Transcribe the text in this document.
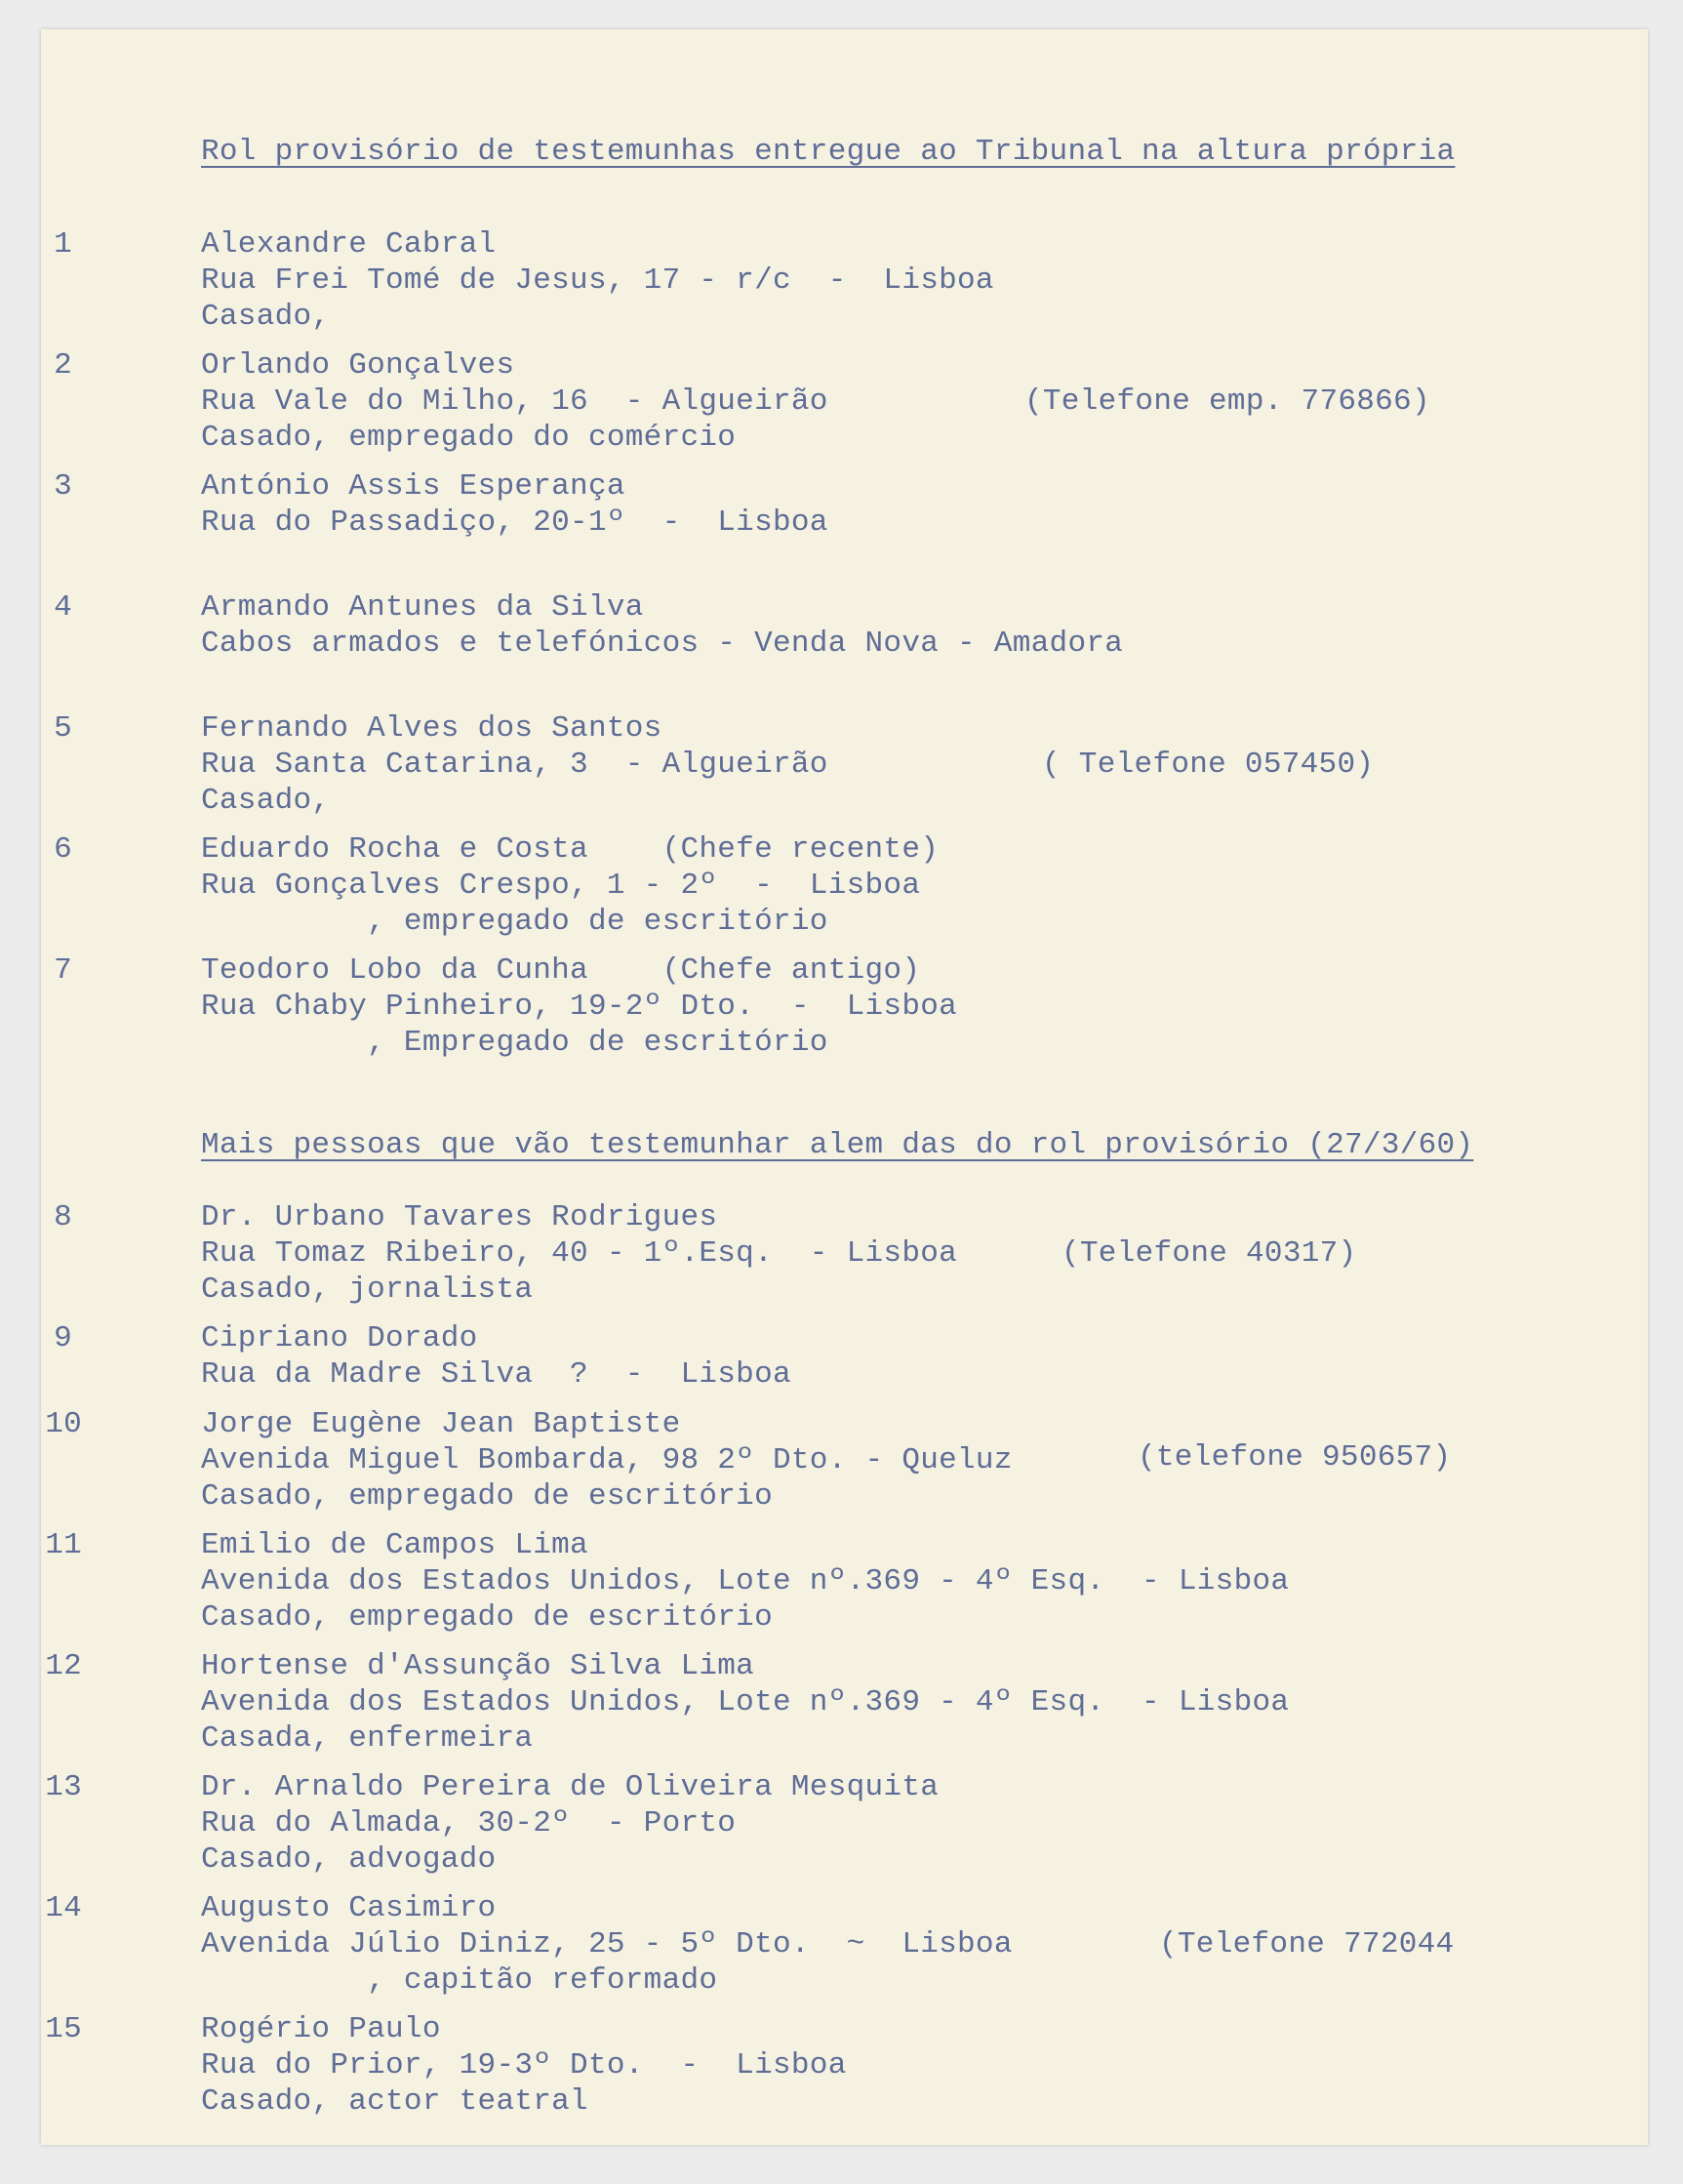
Rol provisório de testemunhas entregue ao Tribunal na altura própria
Mais pessoas que vão testemunhar alem das do rol provisório (27/3/60)
1	Alexandre Cabral
Rua Frei Tomé de Jesus, 17 - r/c  -  Lisboa
Casado,
2	Orlando Gonçalves
Rua Vale do Milho, 16  - Algueirão	(Telefone emp. 776866)
Casado, empregado do comércio
3	António Assis Esperança
Rua do Passadiço, 20-1º  -  Lisboa
4	Armando Antunes da Silva
Cabos armados e telefónicos - Venda Nova - Amadora
5	Fernando Alves dos Santos
Rua Santa Catarina, 3  - Algueirão	( Telefone 057450)
Casado,
6	Eduardo Rocha e Costa    (Chefe recente)
Rua Gonçalves Crespo, 1 - 2º  -  Lisboa
, empregado de escritório
7	Teodoro Lobo da Cunha    (Chefe antigo)
Rua Chaby Pinheiro, 19-2º Dto.  -  Lisboa
, Empregado de escritório
8	Dr. Urbano Tavares Rodrigues
Rua Tomaz Ribeiro, 40 - 1º.Esq.  - Lisboa	(Telefone 40317)
Casado, jornalista
9	Cipriano Dorado
Rua da Madre Silva  ?  -  Lisboa
10	Jorge Eugène Jean Baptiste
Avenida Miguel Bombarda, 98 2º Dto. - Queluz	(telefone 950657)
Casado, empregado de escritório
11	Emilio de Campos Lima
Avenida dos Estados Unidos, Lote nº.369 - 4º Esq.  - Lisboa
Casado, empregado de escritório
12	Hortense d'Assunção Silva Lima
Avenida dos Estados Unidos, Lote nº.369 - 4º Esq.  - Lisboa
Casada, enfermeira
13	Dr. Arnaldo Pereira de Oliveira Mesquita
Rua do Almada, 30-2º  - Porto
Casado, advogado
14	Augusto Casimiro
Avenida Júlio Diniz, 25 - 5º Dto.  ~  Lisboa	(Telefone 772044
, capitão reformado
15	Rogério Paulo
Rua do Prior, 19-3º Dto.  -  Lisboa
Casado, actor teatral
